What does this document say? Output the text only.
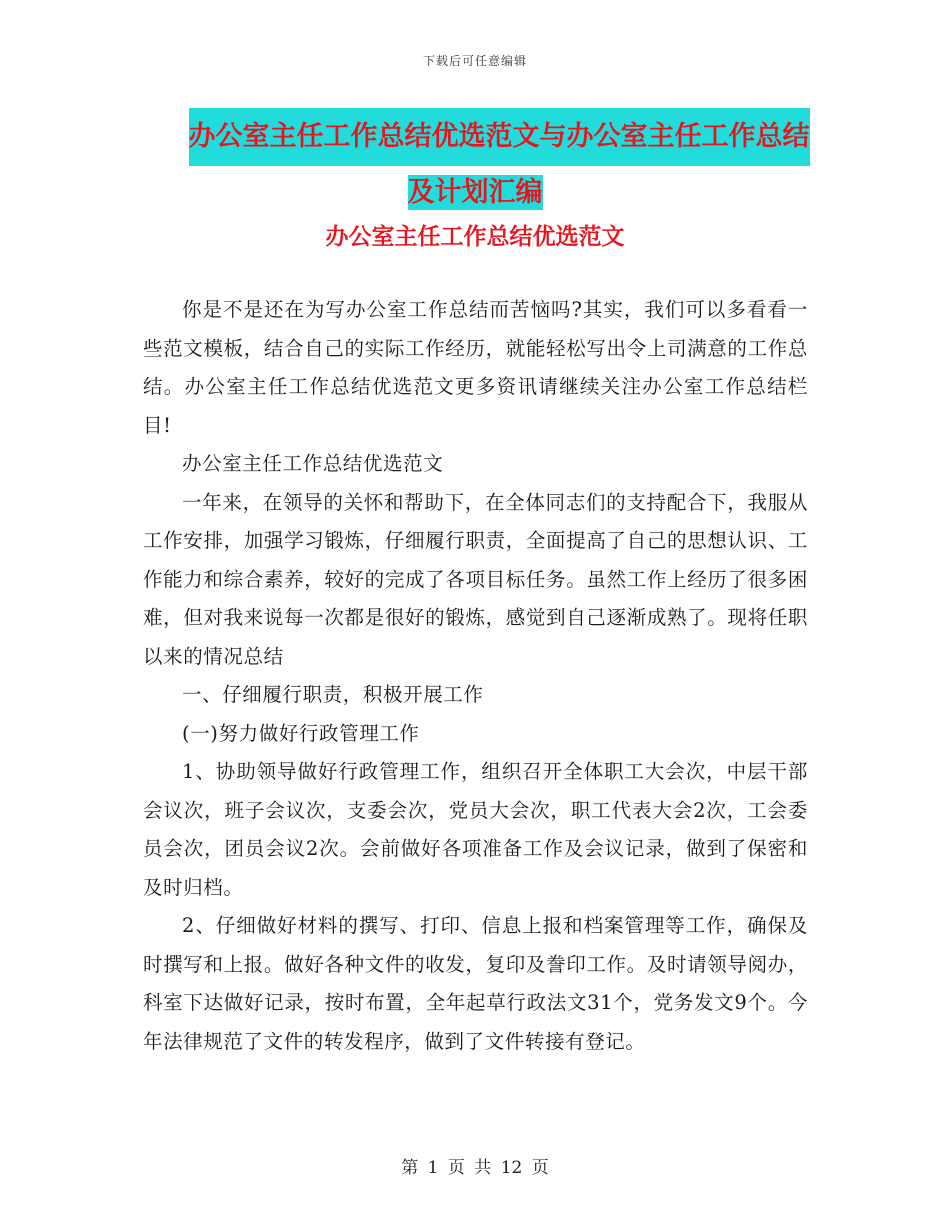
下载后可任意编辑
办公室主任工作总结优选范文与办公室主任工作总结
及计划汇编
办公室主任工作总结优选范文

你是不是还在为写办公室工作总结而苦恼吗?其实，我们可以多看看一些范文模板，结合自己的实际工作经历，就能轻松写出令上司满意的工作总结。办公室主任工作总结优选范文更多资讯请继续关注办公室工作总结栏目!

办公室主任工作总结优选范文

一年来，在领导的关怀和帮助下，在全体同志们的支持配合下，我服从工作安排，加强学习锻炼，仔细履行职责，全面提高了自己的思想认识、工作能力和综合素养，较好的完成了各项目标任务。虽然工作上经历了很多困难，但对我来说每一次都是很好的锻炼，感觉到自己逐渐成熟了。现将任职以来的情况总结

一、仔细履行职责，积极开展工作

(一)努力做好行政管理工作

1、协助领导做好行政管理工作，组织召开全体职工大会次，中层干部会议次，班子会议次，支委会次，党员大会次，职工代表大会2次，工会委员会次，团员会议2次。会前做好各项准备工作及会议记录，做到了保密和及时归档。

2、仔细做好材料的撰写、打印、信息上报和档案管理等工作，确保及时撰写和上报。做好各种文件的收发，复印及誊印工作。及时请领导阅办，科室下达做好记录，按时布置，全年起草行政法文31个，党务发文9个。今年法律规范了文件的转发程序，做到了文件转接有登记。

第 1 页 共 12 页
